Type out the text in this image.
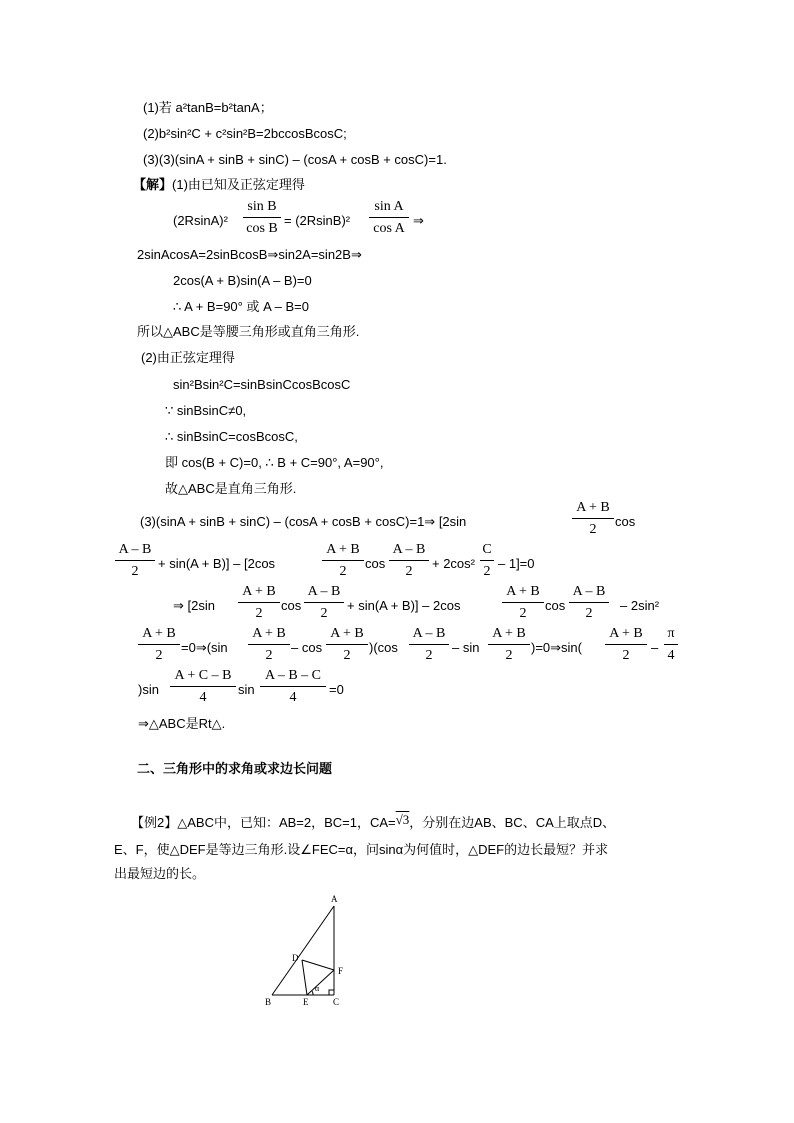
(1)若 a²tanB=b²tanA；
(2)b²sin²C + c²sin²B=2bccosBcosC;
(3)(3)(sinA + sinB + sinC) – (cosA + cosB + cosC)=1.
【解】(1)由已知及正弦定理得
(2RsinA)²
sin B
cos B
= (2RsinB)²
sin A
cos A
⇒
2sinAcosA=2sinBcosB⇒sin2A=sin2B⇒
2cos(A + B)sin(A – B)=0
∴ A + B=90° 或 A – B=0
所以△ABC是等腰三角形或直角三角形.
(2)由正弦定理得
sin²Bsin²C=sinBsinCcosBcosC
∵ sinBsinC≠0,
∴ sinBsinC=cosBcosC,
即 cos(B + C)=0, ∴ B + C=90°, A=90°,
故△ABC是直角三角形.
(3)(sinA + sinB + sinC) – (cosA + cosB + cosC)=1⇒ [2sin
A + B
2
cos
A – B
2
+ sin(A + B)] – [2cos
A + B
2
cos
A – B
2
+ 2cos²
C
2
– 1]=0
⇒ [2sin
A + B
2
cos
A – B
2
+ sin(A + B)] – 2cos
A + B
2
cos
A – B
2
– 2sin²
A + B
2
=0⇒(sin
A + B
2
– cos
A + B
2
)(cos
A – B
2
– sin
A + B
2
)=0⇒sin(
A + B
2
–
π
4
)sin
A + C – B
4
sin
A – B – C
4
=0
⇒△ABC是Rt△.
二、三角形中的求角或求边长问题
【例2】△ABC中，已知：AB=2，BC=1，CA=√3，分别在边AB、BC、CA上取点D、
E、F，使△DEF是等边三角形.设∠FEC=α，问sinα为何值时，△DEF的边长最短？并求
出最短边的长。
A
B	C
D
E
F
α
